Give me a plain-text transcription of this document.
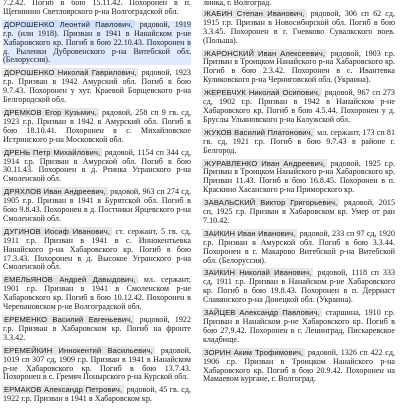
7.2.42. Погиб в бою 15.11.42. Похоронен в п. Щепинино Светлоярского р-на Волгоградской обл.

ДОРОШЕНКО Леонтий Павлович, рядовой, 1919 г.р. (или 1918). Призван в 1941 в Нанайском р-не Хабаровского кр. Погиб в бою 22.10.43. Похоронен в д. Рыленки Дубровенского р-на Витебской обл. (Белоруссия).

ДОРОШЕНКО Николай Гаврилович, рядовой, 1923 г.р. Призван в 1942 Амурский обл. Погиб в бою 9.7.43. Похоронен у хут. Краевой Борщевского р-на Белгородской обл.

ДРЕМКОВ Егор Кузьмич, рядовой, 258 сп 9 гв. сд, 1923 г.р. Призван в 1942 в Амурский обл. Погиб в бою 18.10.41. Похоронен в с. Михайловское Истринского р-на Московской обл.

ДРЕНЬ Петр Михайлович, рядовой, 1154 сп 344 сд, 1914 г.р. Призван в Амурской обл. Погиб в бою 30.11.43. Похоронен в д. Ртинка Угранского р-на Смоленской обл.

ДРЯХЛОВ Иван Андреевич, рядовой, 963 сп 274 сд, 1905 г.р. Призван в 1941 в Бурятской обл. Погиб в бою 9.8.43. Похоронен в д. Постники Ярцевского р-на Смоленской обл.

ДУГИНОВ Иосиф Иванович, ст. сержант, 5 гв. сд, 1911 г.р. Призван в 1941 в с. Иннокентьевка Нанайского р-на Хабаровского кр. Погиб в бою 17.3.43. Похоронен в д. Высокое Угранского р-на Смоленской обл.

ЕМЕЛЬЯНОВ Андрей Давыдович, мл. сержант, 1901 г.р. Призван в 1941 в Смоленском р-не Хабаровского кр. Погиб в бою 10.12.42. Похоронен в Черепановском р-не Волгоградской обл.

ЕРЕМЕНКО Василий Евгеньевич, рядовой, 1922 г.р. Призван в Хабаровском кр. Погиб на фронте 3.3.42.

ЕРЕМЕЙКИН Иннокентий Васильевич, рядовой, 1019 сп 307 сд, 1909 г.р. Призван в 1941 в Нанайском р-не Хабаровского кр. Погиб в бою 13.7.43. Похоронен в с. Гремяч Понырского р-на Курской обл.

ЕРМАКОВ Александр Петрович, рядовой, 45 гв. сд, 1922 г.р. Призван в 1941 в Хабаровском кр.

линка, г. Волгоград.

ЖАБИН Степан Иванович, рядовой, 306 сп 62 сд, 1915 г.р. Призван в Новосибирской обл. Погиб в бою 3.3.45. Похоронен в г. Гневково Сувалкского воев. (Польша).

ЖАРОНСКИЙ Иван Алексеевич, рядовой, 1903 г.р. Призван в Троицком Нанайского р-на Хабаровского кр. Погиб в бою 2.3.42. Похоронен в с. Ивантевка Куликовского р-на Черниговской обл. (Украина).

ЖЕРЕБЧУК Николай Осипович, рядовой, 967 сп 273 сд, 1902 г.р. Призван в 1942 в Нанайском р-не Хабаровского кр. Погиб в бою 4.5.44. Похоронен у д. Бруслы Ульяновского р-на Калужской обл.

ЖУКОВ Василий Платонович, мл. сержант, 173 сп 81 гв. сд, 1921 г.р. Погиб в бою 9.7.43 в районе г. Белгород.

ЖУРАВЛЕНКО Иван Андреевич, рядовой, 1925 г.р. Призван в Троицком Нанайского р-на Хабаровского кр. Призван 11.43. Погиб в бою 16.8.45. Похоронен в п. Краскино Хасанского р-на Приморского кр.

ЗАВАЛЬСКИЙ Виктор Григорьевич, рядовой, 2015 сп, 1925 г.р. Призван в Хабаровском кр. Умер от ран 7.10.42.

ЗАИКИН Иван Иванович, рядовой, 233 сп 97 сд, 1920 г.р. Призван в Амурской обл. Погиб в бою 3.3.44. Похоронен в г. Макарово Витебской р-на Витебской обл. (Белоруссия).

ЗАИКИН Николай Иванович, рядовой, 1118 сп 333 сд, 1911 г.р. Призван в Нанайском р-не Хабаровского кр. Погиб в бою 19.8.43. Похоронен в п. Дерриаст Славянского р-на Донецкой обл. (Украина).

ЗАЙЦЕВ Александр Павлович, старшина, 1910 г.р. Призван в Нанайском р-не Хабаровского кр. Погиб в бою 27.9.42. Похоронен в г. Ленинград, Пискаревское кладбище.

ЗОРИН Аким Трофимович, рядовой, 1326 сп 422 сд, 1906 г.р. Призван в Троицком Нанайского р-на Хабаровского кр. Погиб в бою 20.9.42. Похоронен на Мамаевом кургане, г. Волгоград.
